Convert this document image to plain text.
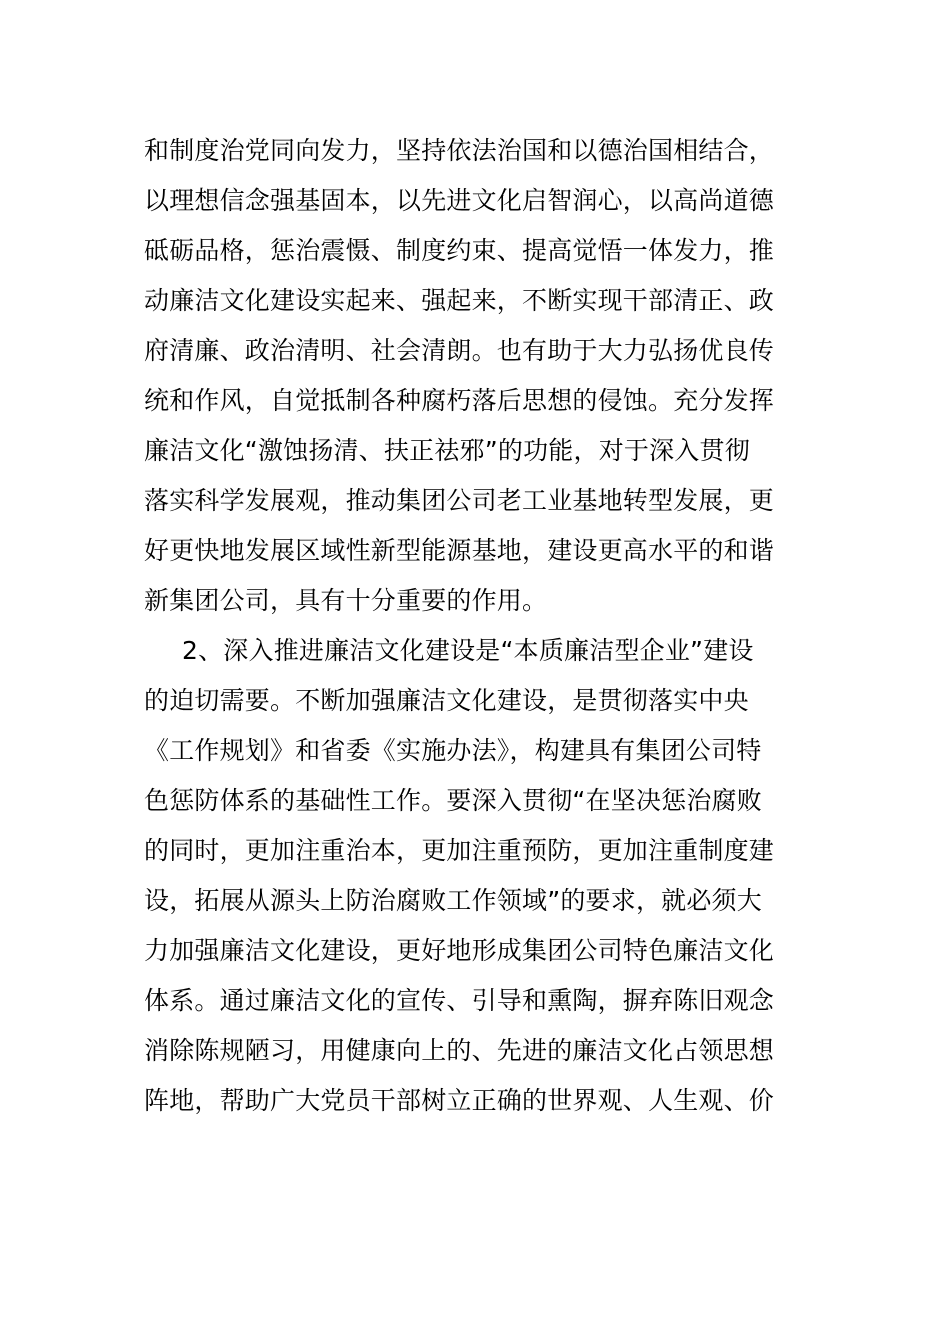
和制度治党同向发力，坚持依法治国和以德治国相结合，
以理想信念强基固本，以先进文化启智润心，以高尚道德
砥砺品格，惩治震慑、制度约束、提高觉悟一体发力，推
动廉洁文化建设实起来、强起来，不断实现干部清正、政
府清廉、政治清明、社会清朗。也有助于大力弘扬优良传
统和作风，自觉抵制各种腐朽落后思想的侵蚀。充分发挥
廉洁文化“激蚀扬清、扶正祛邪”的功能，对于深入贯彻
落实科学发展观，推动集团公司老工业基地转型发展，更
好更快地发展区域性新型能源基地，建设更高水平的和谐
新集团公司，具有十分重要的作用。
2、深入推进廉洁文化建设是“本质廉洁型企业”建设
的迫切需要。不断加强廉洁文化建设，是贯彻落实中央
《工作规划》和省委《实施办法》，构建具有集团公司特
色惩防体系的基础性工作。要深入贯彻“在坚决惩治腐败
的同时，更加注重治本，更加注重预防，更加注重制度建
设，拓展从源头上防治腐败工作领域”的要求，就必须大
力加强廉洁文化建设，更好地形成集团公司特色廉洁文化
体系。通过廉洁文化的宣传、引导和熏陶，摒弃陈旧观念
消除陈规陋习，用健康向上的、先进的廉洁文化占领思想
阵地，帮助广大党员干部树立正确的世界观、人生观、价
